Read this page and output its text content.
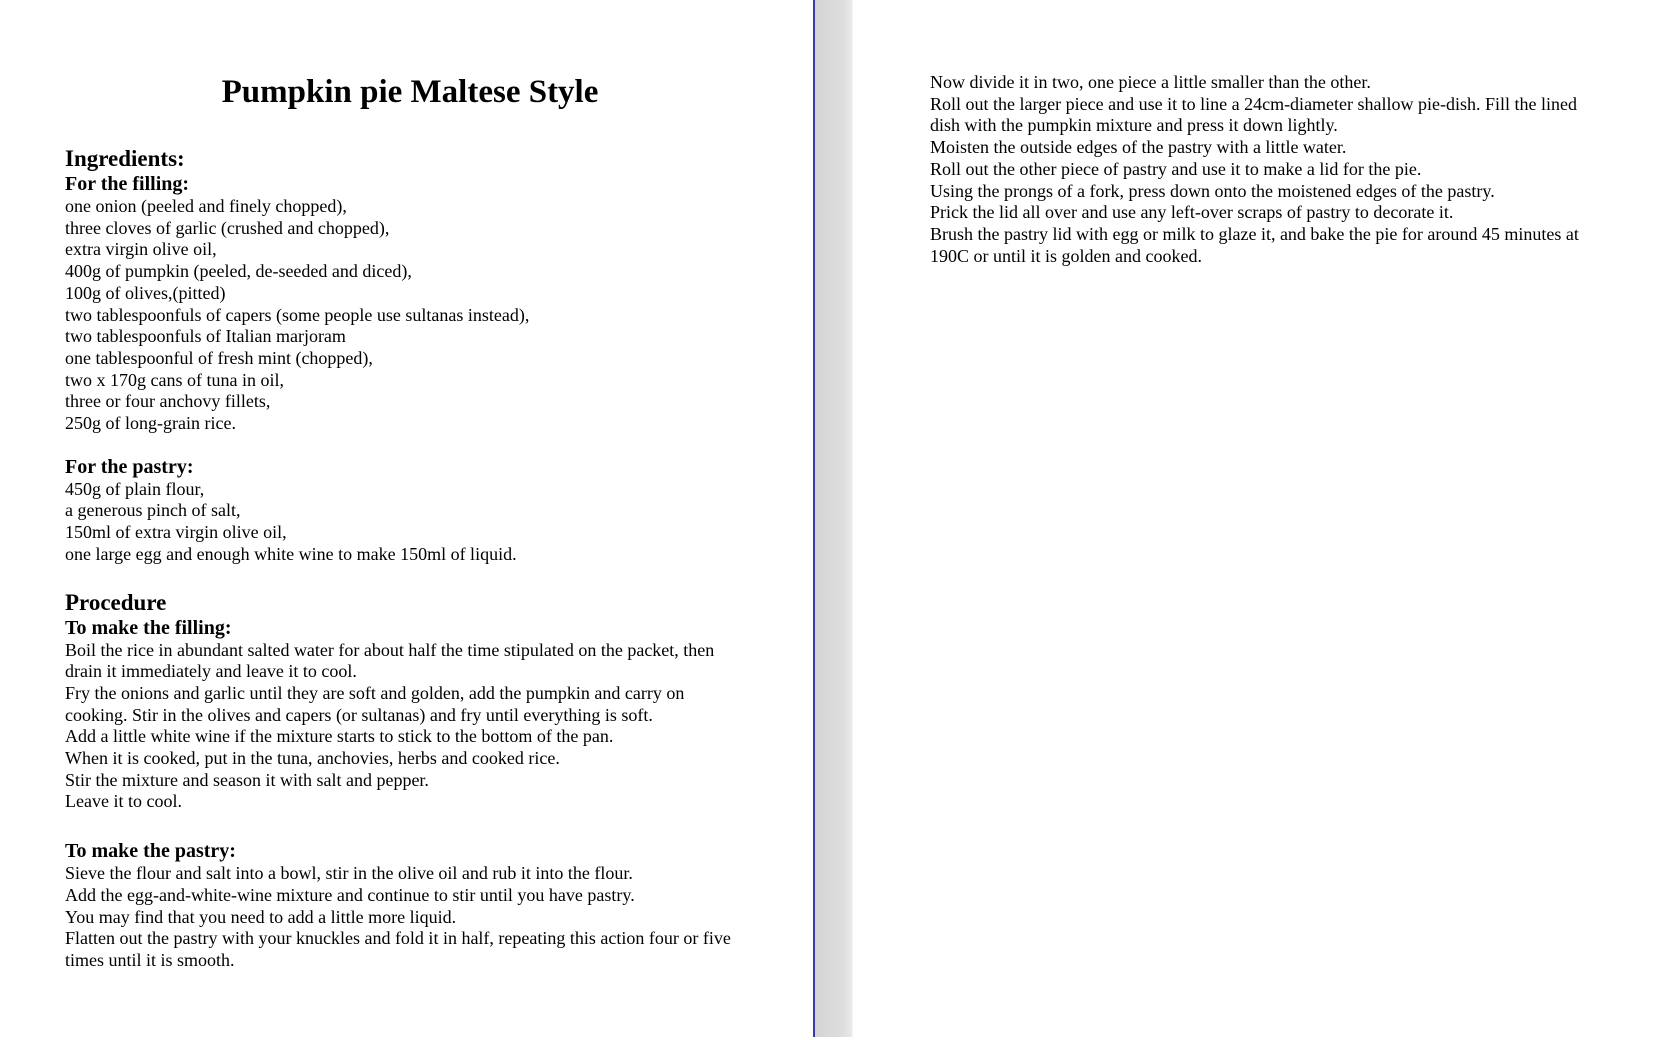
Pumpkin pie Maltese Style
Ingredients:
For the filling:
one onion (peeled and finely chopped),
three cloves of garlic (crushed and chopped),
extra virgin olive oil,
400g of pumpkin (peeled, de-seeded and diced),
100g of olives,(pitted)
two tablespoonfuls of capers (some people use sultanas instead),
two tablespoonfuls of Italian marjoram
one tablespoonful of fresh mint (chopped),
two x 170g cans of tuna in oil,
three or four anchovy fillets,
250g of long-grain rice.
For the pastry:
450g of plain flour,
a generous pinch of salt,
150ml of extra virgin olive oil,
one large egg and enough white wine to make 150ml of liquid.
Procedure
To make the filling:

Boil the rice in abundant salted water for about half the time stipulated on the packet, then drain it immediately and leave it to cool.

Fry the onions and garlic until they are soft and golden, add the pumpkin and carry on cooking. Stir in the olives and capers (or sultanas) and fry until everything is soft.

Add a little white wine if the mixture starts to stick to the bottom of the pan.

When it is cooked, put in the tuna, anchovies, herbs and cooked rice.

Stir the mixture and season it with salt and pepper.

Leave it to cool.

To make the pastry:

Sieve the flour and salt into a bowl, stir in the olive oil and rub it into the flour.

Add the egg-and-white-wine mixture and continue to stir until you have pastry.

You may find that you need to add a little more liquid.

Flatten out the pastry with your knuckles and fold it in half, repeating this action four or five times until it is smooth.

Now divide it in two, one piece a little smaller than the other.

Roll out the larger piece and use it to line a 24cm-diameter shallow pie-dish. Fill the lined dish with the pumpkin mixture and press it down lightly.

Moisten the outside edges of the pastry with a little water.

Roll out the other piece of pastry and use it to make a lid for the pie.

Using the prongs of a fork, press down onto the moistened edges of the pastry.

Prick the lid all over and use any left-over scraps of pastry to decorate it.

Brush the pastry lid with egg or milk to glaze it, and bake the pie for around 45 minutes at 190C or until it is golden and cooked.
